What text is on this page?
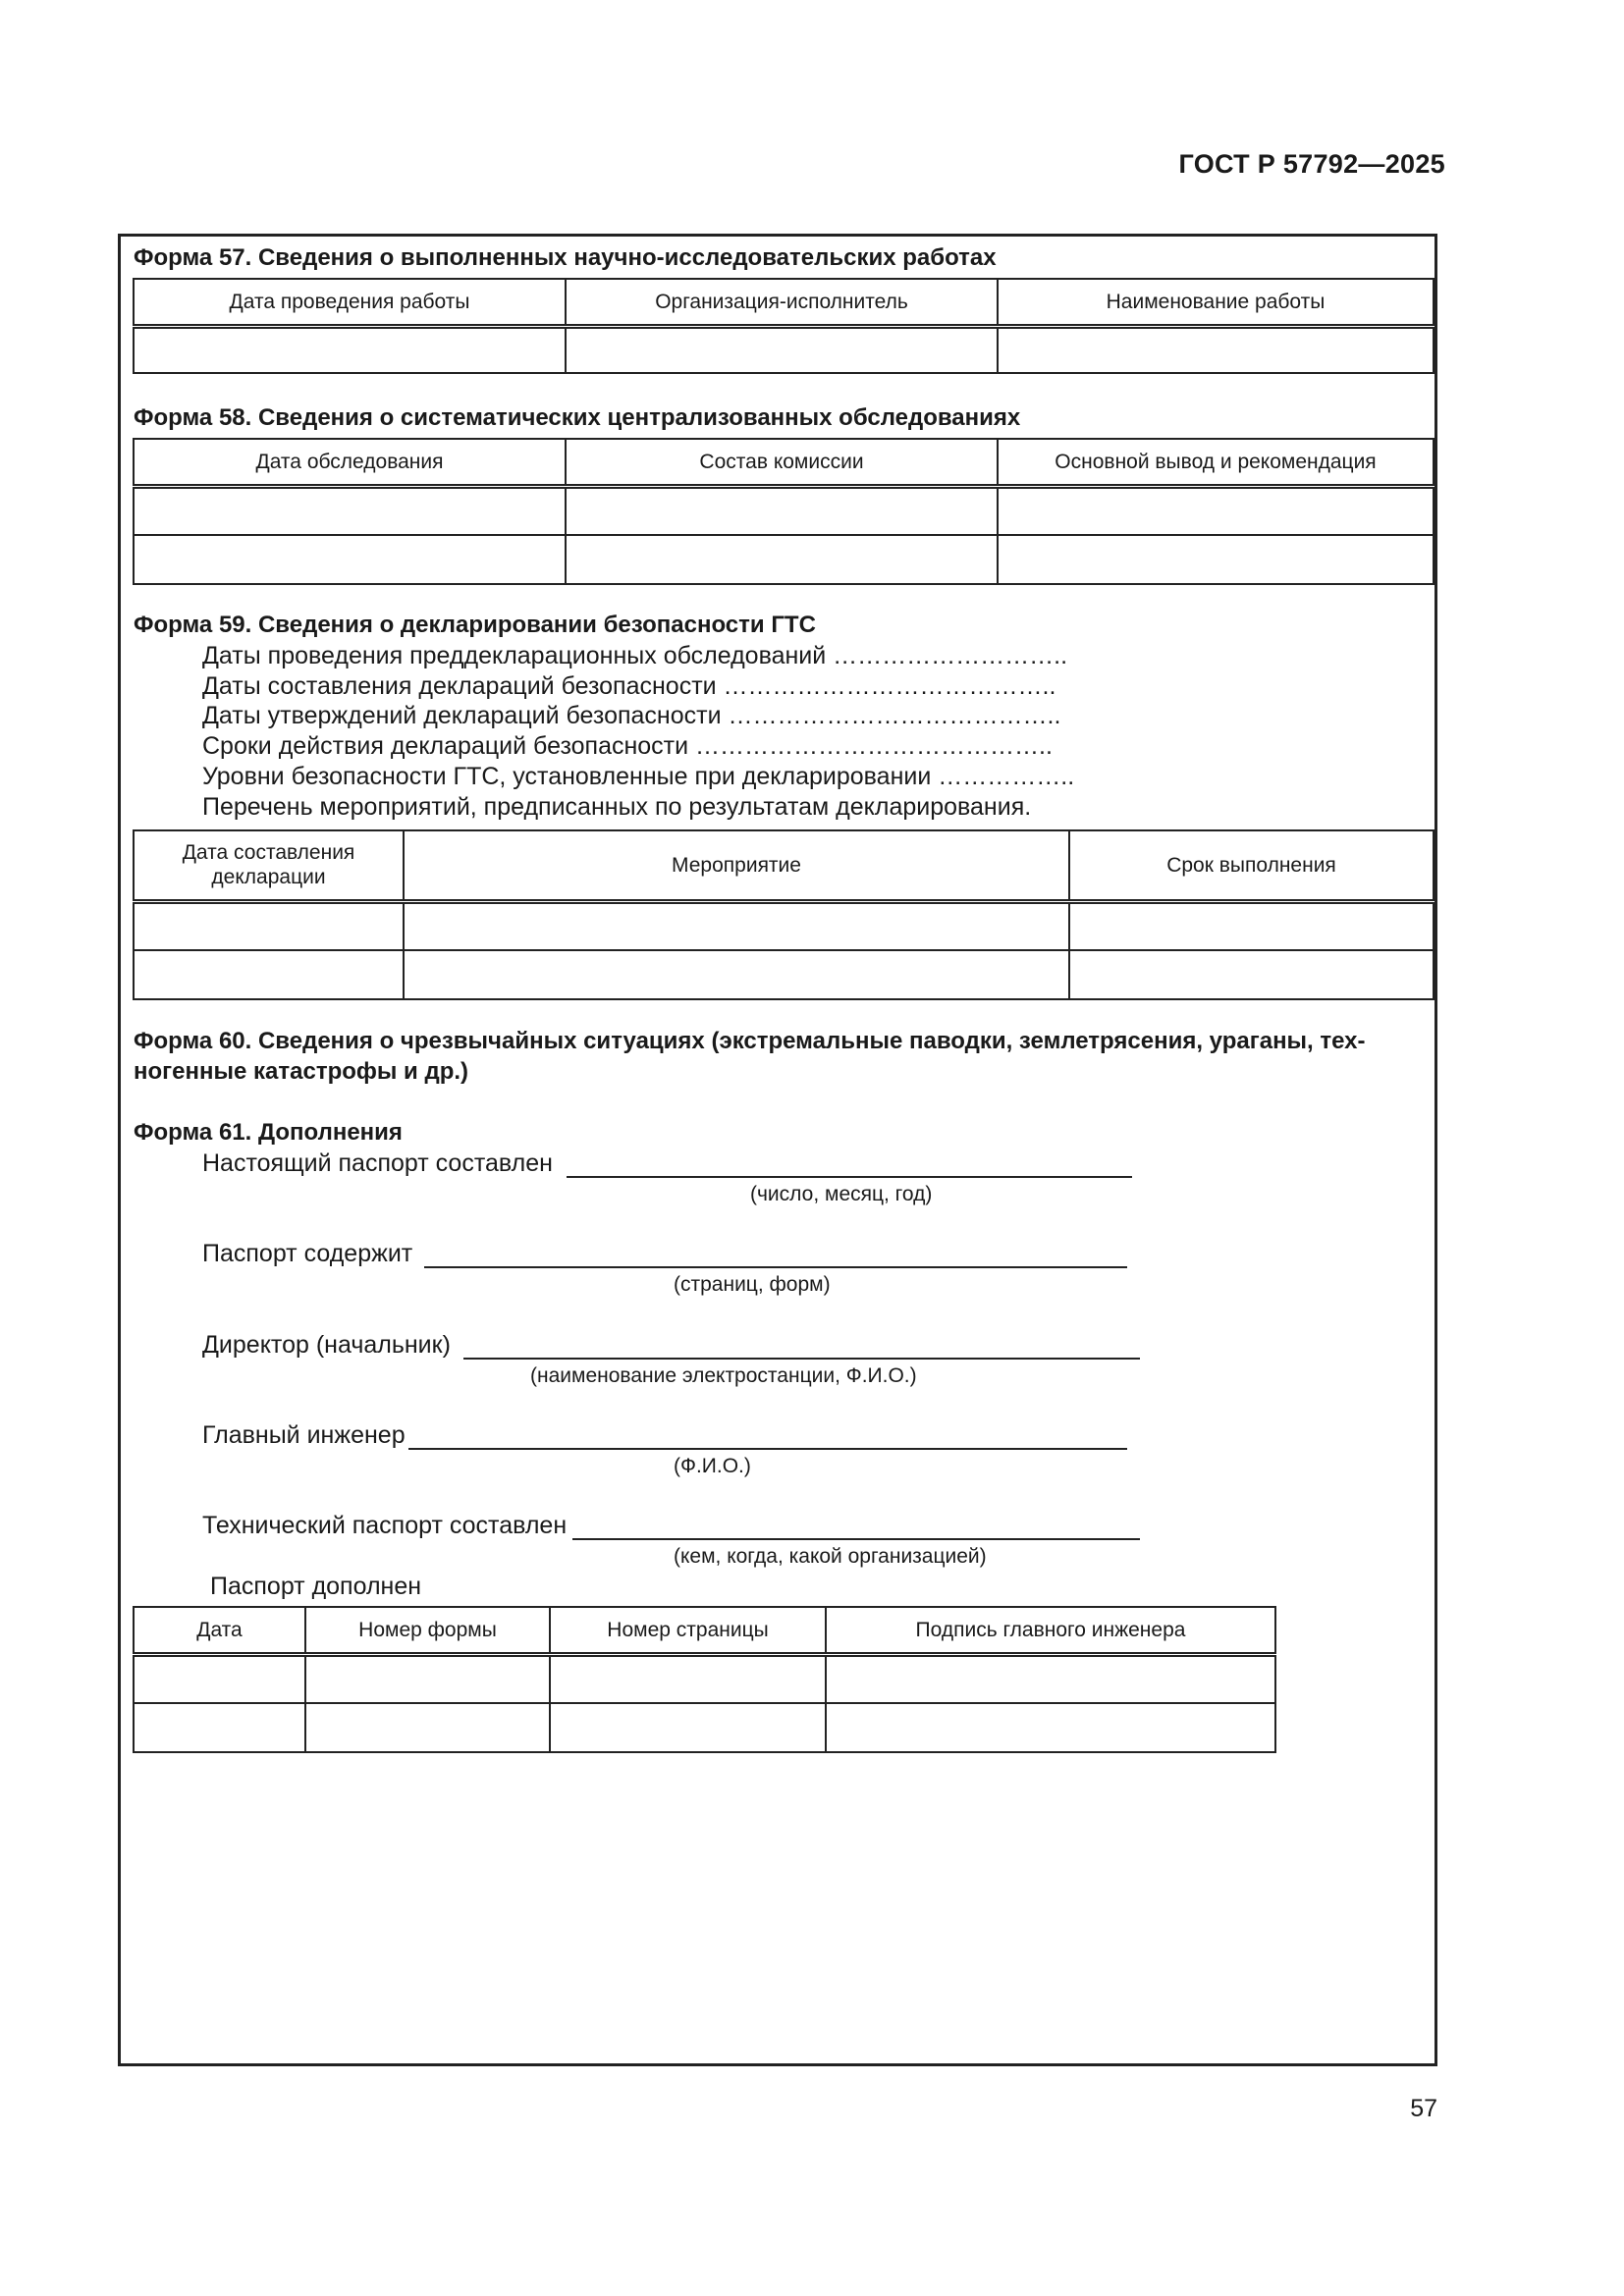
ГОСТ Р 57792—2025
Форма 57. Сведения о выполненных научно-исследовательских работах
Дата проведения работы	Организация-исполнитель	Наименование работы

Форма 58. Сведения о систематических централизованных обследованиях
Дата обследования	Состав комиссии	Основной вывод и рекомендация

Форма 59. Сведения о декларировании безопасности ГТС
Даты проведения преддекларационных обследований ………………………..
Даты составления деклараций безопасности …………………………………..
Даты утверждений деклараций безопасности …………………………………..
Сроки действия деклараций безопасности ……………………………………..
Уровни безопасности ГТС, установленные при декларировании ……………..
Перечень мероприятий, предписанных по результатам декларирования.
Дата составления декларации	Мероприятие	Срок выполнения

Форма 60. Сведения о чрезвычайных ситуациях (экстремальные паводки, землетрясения, ураганы, тех-
ногенные катастрофы и др.)
Форма 61. Дополнения
Настоящий паспорт составлен
(число, месяц, год)
Паспорт содержит
(страниц, форм)
Директор (начальник)
(наименование электростанции, Ф.И.О.)
Главный инженер
(Ф.И.О.)
Технический паспорт составлен
(кем, когда, какой организацией)
Паспорт дополнен
Дата	Номер формы	Номер страницы	Подпись главного инженера

57
